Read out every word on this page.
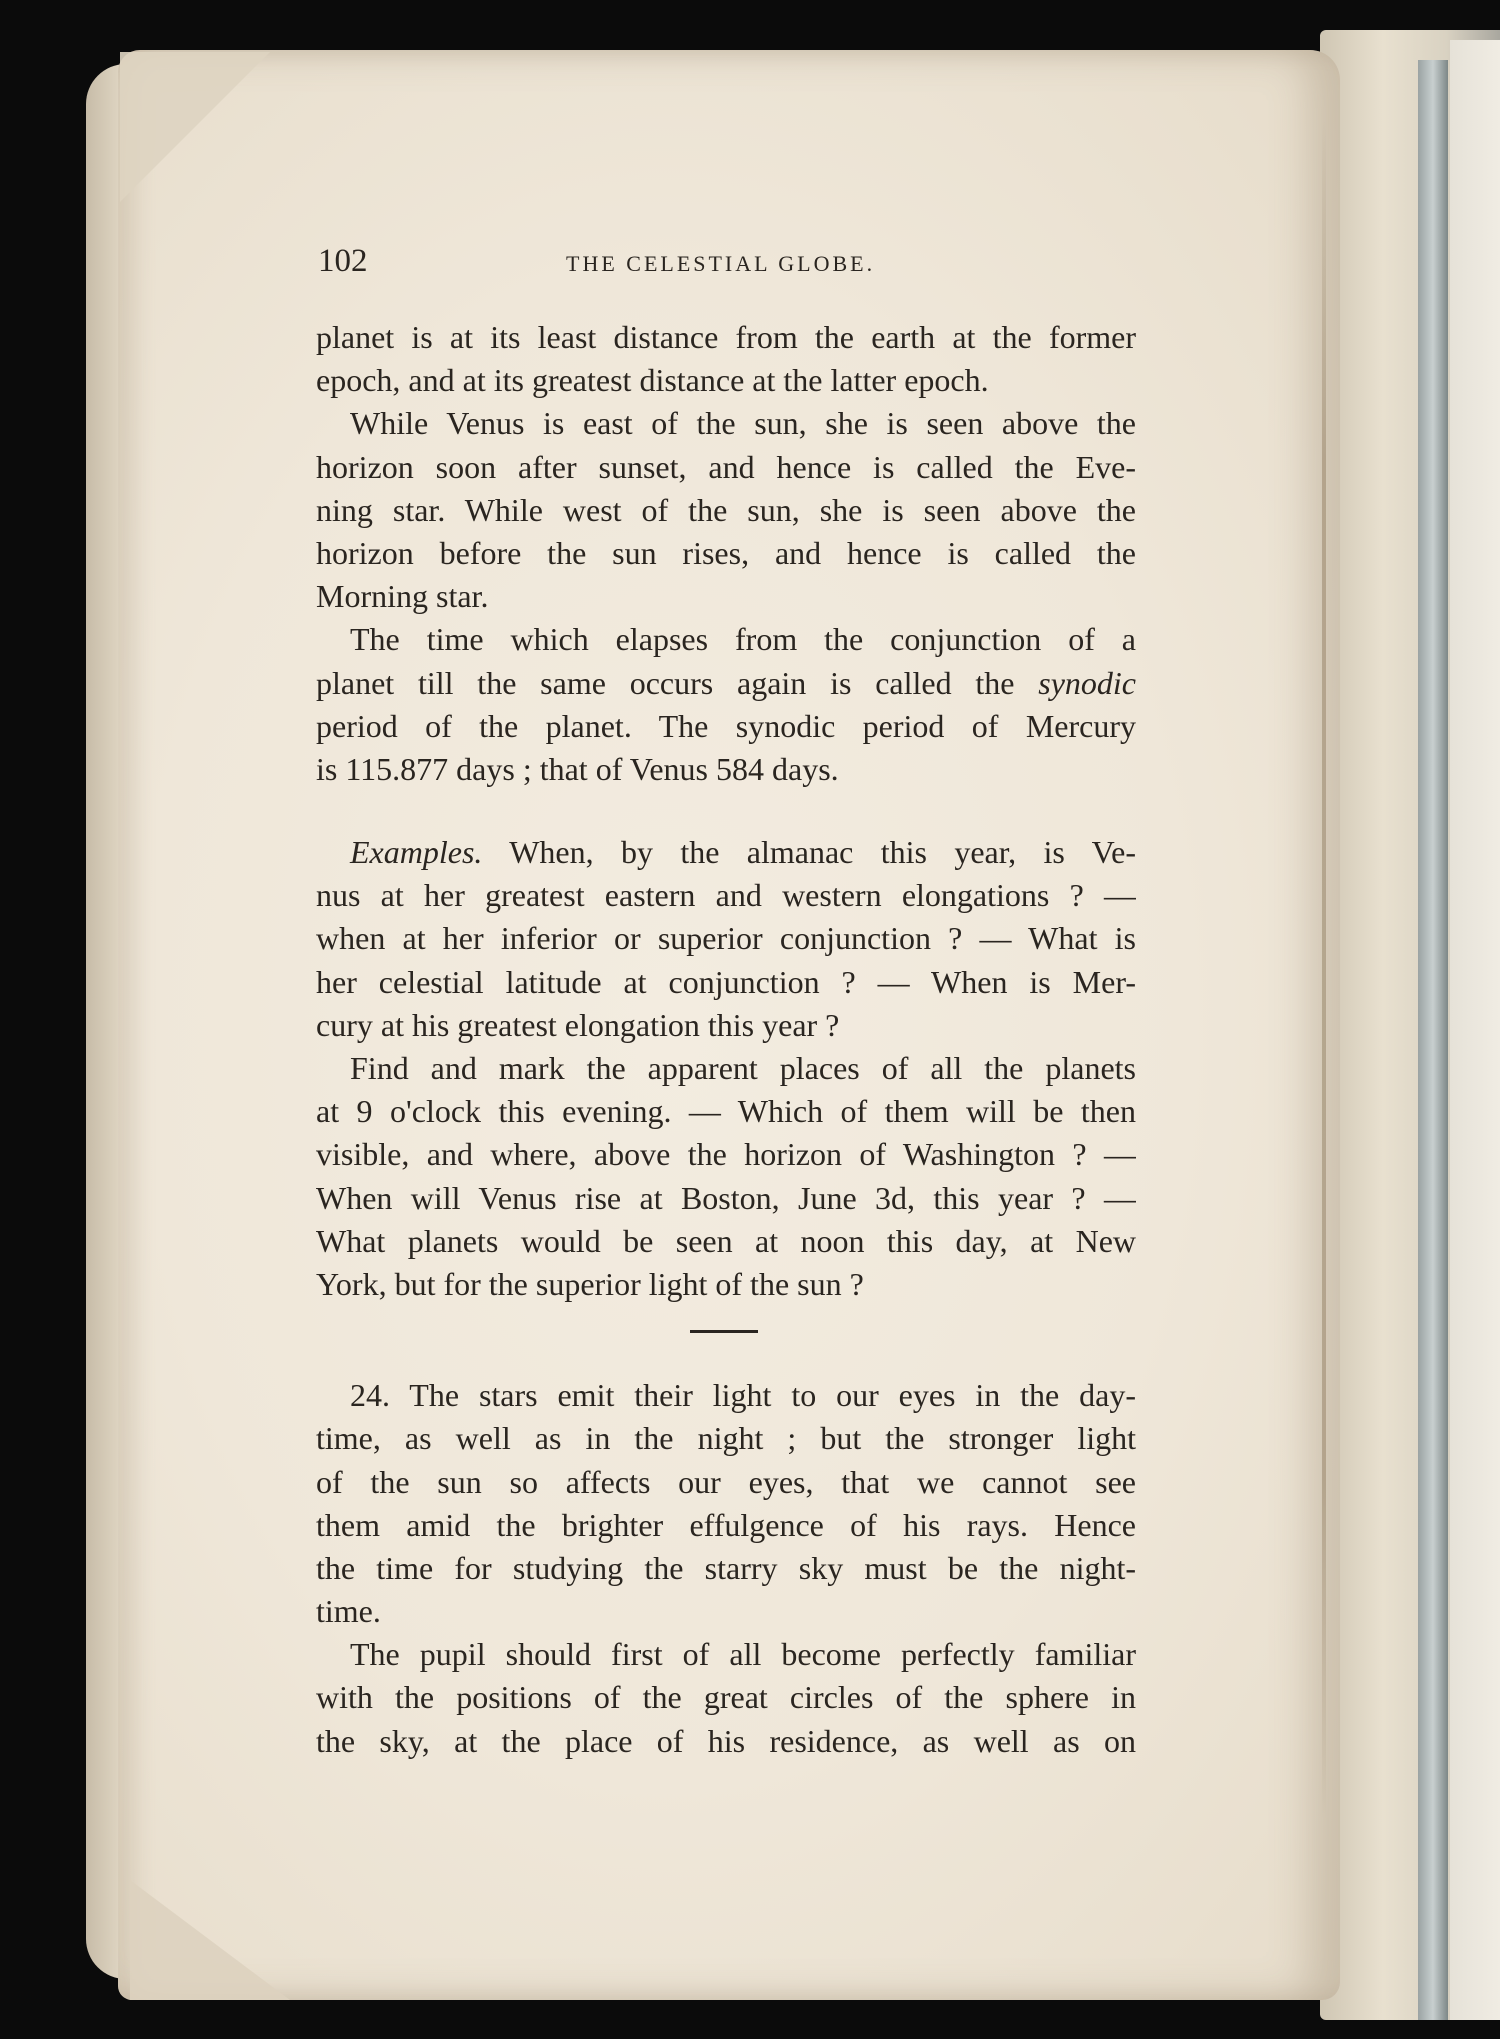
102	THE CELESTIAL GLOBE.
planet is at its least distance from the earth at the former
epoch, and at its greatest distance at the latter epoch.
While Venus is east of the sun, she is seen above the
horizon soon after sunset, and hence is called the Eve-
ning star. While west of the sun, she is seen above the
horizon before the sun rises, and hence is called the
Morning star.
The time which elapses from the conjunction of a
planet till the same occurs again is called the synodic
period of the planet. The synodic period of Mercury
is 115.877 days ; that of Venus 584 days.
Examples. When, by the almanac this year, is Ve-
nus at her greatest eastern and western elongations ? —
when at her inferior or superior conjunction ? — What is
her celestial latitude at conjunction ? — When is Mer-
cury at his greatest elongation this year ?
Find and mark the apparent places of all the planets
at 9 o'clock this evening. — Which of them will be then
visible, and where, above the horizon of Washington ? —
When will Venus rise at Boston, June 3d, this year ? —
What planets would be seen at noon this day, at New
York, but for the superior light of the sun ?
24. The stars emit their light to our eyes in the day-
time, as well as in the night ; but the stronger light
of the sun so affects our eyes, that we cannot see
them amid the brighter effulgence of his rays. Hence
the time for studying the starry sky must be the night-
time.
The pupil should first of all become perfectly familiar
with the positions of the great circles of the sphere in
the sky, at the place of his residence, as well as on
